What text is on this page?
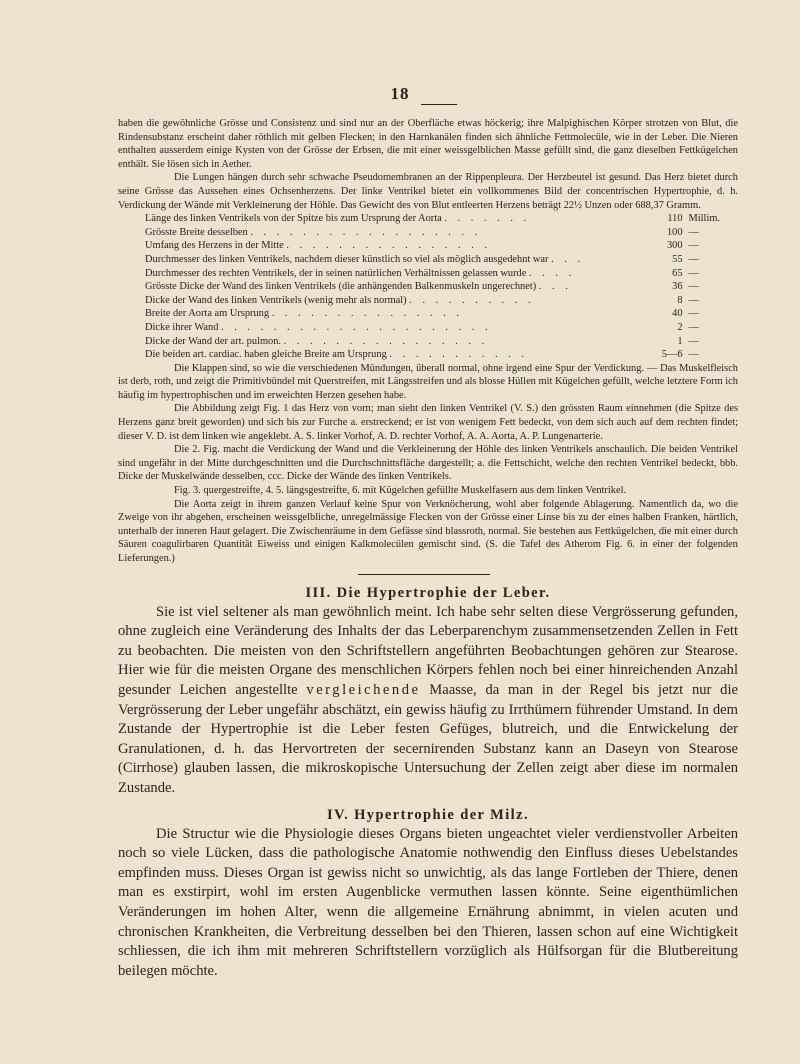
18

haben die gewöhnliche Grösse und Consistenz und sind nur an der Oberfläche etwas höckerig; ihre Malpighischen Körper strotzen von Blut, die Rindensubstanz erscheint daher röthlich mit gelben Flecken; in den Harnkanälen finden sich ähnliche Fettmolecüle, wie in der Leber. Die Nieren enthalten ausserdem einige Kysten von der Grösse der Erbsen, die mit einer weissgelblichen Masse gefüllt sind, die ganz dieselben Fettkügelchen enthält. Sie lösen sich in Aether.

Die Lungen hängen durch sehr schwache Pseudomembranen an der Rippenpleura. Der Herzbeutel ist gesund. Das Herz bietet durch seine Grösse das Aussehen eines Ochsenherzens. Der linke Ventrikel bietet ein vollkommenes Bild der concentrischen Hypertrophie, d. h. Verdickung der Wände mit Verkleinerung der Höhle. Das Gewicht des von Blut entleerten Herzens beträgt 22½ Unzen oder 688,37 Gramm.

Länge des linken Ventrikels von der Spitze bis zum Ursprung der Aorta . . . . . . .	110	Millim.
Grösste Breite desselben . . . . . . . . . . . . . . . . . .	100	—
Umfang des Herzens in der Mitte . . . . . . . . . . . . . . . .	300	—
Durchmesser des linken Ventrikels, nachdem dieser künstlich so viel als möglich ausgedehnt war . . .	55	—
Durchmesser des rechten Ventrikels, der in seinen natürlichen Verhältnissen gelassen wurde . . . .	65	—
Grösste Dicke der Wand des linken Ventrikels (die anhängenden Balkenmuskeln ungerechnet) . . .	36	—
Dicke der Wand des linken Ventrikels (wenig mehr als normal) . . . . . . . . . .	8	—
Breite der Aorta am Ursprung . . . . . . . . . . . . . . .	40	—
Dicke ihrer Wand . . . . . . . . . . . . . . . . . . . . .	2	—
Dicke der Wand der art. pulmon. . . . . . . . . . . . . . . . .	1	—
Die beiden art. cardiac. haben gleiche Breite am Ursprung . . . . . . . . . . .	5—6	—

Die Klappen sind, so wie die verschiedenen Mündungen, überall normal, ohne irgend eine Spur der Verdickung. — Das Muskelfleisch ist derb, roth, und zeigt die Primitivbündel mit Querstreifen, mit Längsstreifen und als blosse Hüllen mit Kügelchen gefüllt, welche letztere Form ich häufig im hypertrophischen und im erweichten Herzen gesehen habe.

Die Abbildung zeigt Fig. 1 das Herz von vorn; man sieht den linken Ventrikel (V. S.) den grössten Raum einnehmen (die Spitze des Herzens ganz breit geworden) und sich bis zur Furche a. erstreckend; er ist von wenigem Fett bedeckt, von dem sich auch auf dem rechten findet; dieser V. D. ist dem linken wie angeklebt. A. S. linker Vorhof, A. D. rechter Vorhof, A. A. Aorta, A. P. Lungenarterie.

Die 2. Fig. macht die Verdickung der Wand und die Verkleinerung der Höhle des linken Ventrikels anschaulich. Die beiden Ventrikel sind ungefähr in der Mitte durchgeschnitten und die Durchschnittsfläche dargestellt; a. die Fettschicht, welche den rechten Ventrikel bedeckt, bbb. Dicke der Muskelwände desselben, ccc. Dicke der Wände des linken Ventrikels.

Fig. 3. quergestreifte, 4. 5. längsgestreifte, 6. mit Kügelchen gefüllte Muskelfasern aus dem linken Ventrikel.

Die Aorta zeigt in ihrem ganzen Verlauf keine Spur von Verknöcherung, wohl aber folgende Ablagerung. Namentlich da, wo die Zweige von ihr abgehen, erscheinen weissgelbliche, unregelmässige Flecken von der Grösse einer Linse bis zu der eines halben Franken, härtlich, unterhalb der inneren Haut gelagert. Die Zwischenräume in dem Gefässe sind blassroth, normal. Sie bestehen aus Fettkügelchen, die mit einer durch Säuren coagulirbaren Quantität Eiweiss und einigen Kalkmolecülen gemischt sind. (S. die Tafel des Atherom Fig. 6. in einer der folgenden Lieferungen.)

III. Die Hypertrophie der Leber.

Sie ist viel seltener als man gewöhnlich meint. Ich habe sehr selten diese Vergrösserung gefunden, ohne zugleich eine Veränderung des Inhalts der das Leberparenchym zusammensetzenden Zellen in Fett zu beobachten. Die meisten von den Schriftstellern angeführten Beobachtungen gehören zur Stearose. Hier wie für die meisten Organe des menschlichen Körpers fehlen noch bei einer hinreichenden Anzahl gesunder Leichen angestellte vergleichende Maasse, da man in der Regel bis jetzt nur die Vergrösserung der Leber ungefähr abschätzt, ein gewiss häufig zu Irrthümern führender Umstand. In dem Zustande der Hypertrophie ist die Leber festen Gefüges, blutreich, und die Entwickelung der Granulationen, d. h. das Hervortreten der secernirenden Substanz kann an Daseyn von Stearose (Cirrhose) glauben lassen, die mikroskopische Untersuchung der Zellen zeigt aber diese im normalen Zustande.

IV. Hypertrophie der Milz.

Die Structur wie die Physiologie dieses Organs bieten ungeachtet vieler verdienstvoller Arbeiten noch so viele Lücken, dass die pathologische Anatomie nothwendig den Einfluss dieses Uebelstandes empfinden muss. Dieses Organ ist gewiss nicht so unwichtig, als das lange Fortleben der Thiere, denen man es exstirpirt, wohl im ersten Augenblicke vermuthen lassen könnte. Seine eigenthümlichen Veränderungen im hohen Alter, wenn die allgemeine Ernährung abnimmt, in vielen acuten und chronischen Krankheiten, die Verbreitung desselben bei den Thieren, lassen schon auf eine Wichtigkeit schliessen, die ich ihm mit mehreren Schriftstellern vorzüglich als Hülfsorgan für die Blutbereitung beilegen möchte.
